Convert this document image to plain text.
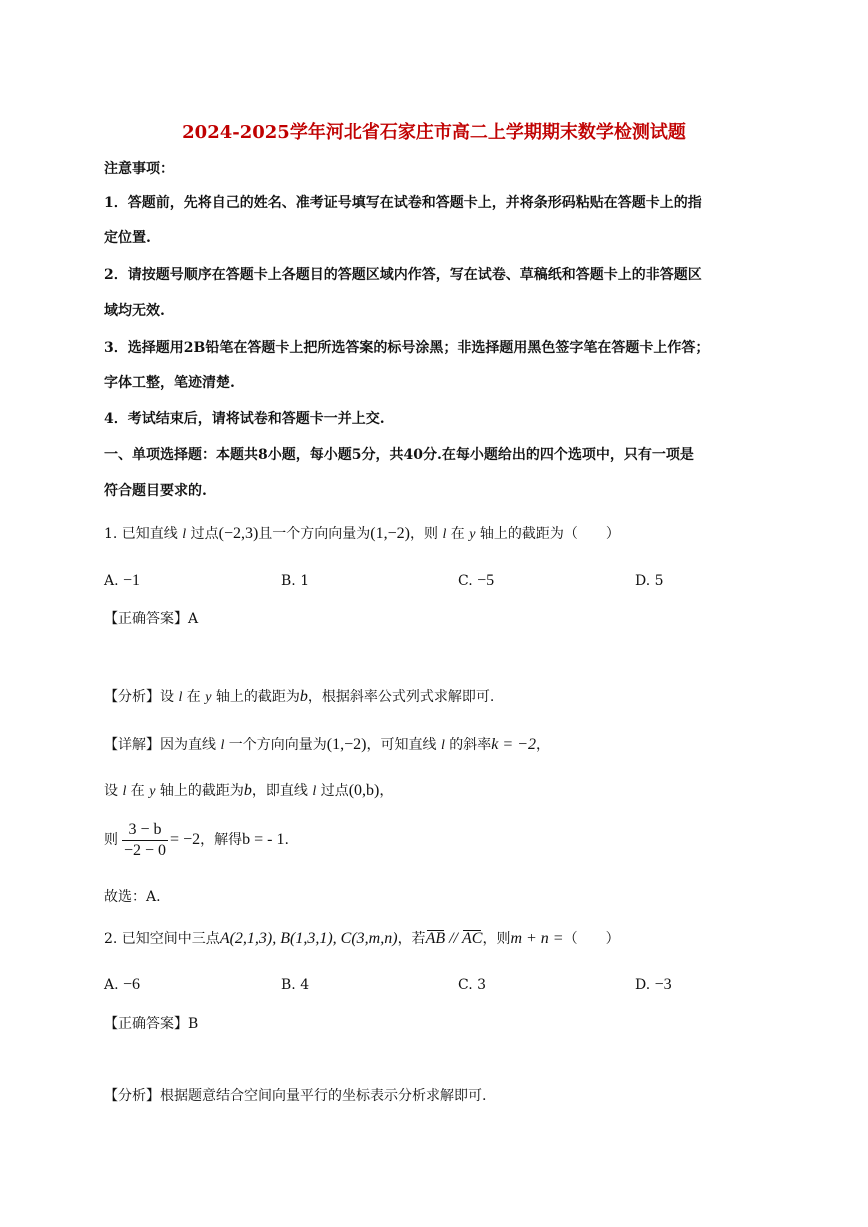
2024-2025学年河北省石家庄市高二上学期期末数学检测试题
注意事项：
1．答题前，先将自己的姓名、准考证号填写在试卷和答题卡上，并将条形码粘贴在答题卡上的指
定位置.
2．请按题号顺序在答题卡上各题目的答题区域内作答，写在试卷、草稿纸和答题卡上的非答题区
域均无效.
3．选择题用2B铅笔在答题卡上把所选答案的标号涂黑；非选择题用黑色签字笔在答题卡上作答；
字体工整，笔迹清楚.
4．考试结束后，请将试卷和答题卡一并上交.
一、单项选择题：本题共8小题，每小题5分，共40分.在每小题给出的四个选项中，只有一项是
符合题目要求的.
1. 已知直线 l 过点(−2,3)且一个方向向量为(1,−2)，则 l 在 y 轴上的截距为（　　）
A. −1	B. 1	C. −5	D. 5
【正确答案】A
【分析】设 l 在 y 轴上的截距为b，根据斜率公式列式求解即可.
【详解】因为直线 l 一个方向向量为(1,−2)，可知直线 l 的斜率k = −2，
设 l 在 y 轴上的截距为b，即直线 l 过点(0,b)，
则 $\frac{3 - b}{-2 - 0} = -2$，解得b = - 1.
故选：A.
2. 已知空间中三点A(2,1,3), B(1,3,1), C(3,m,n)，若AB // AC，则m + n =（　　）
A. −6	B. 4	C. 3	D. −3
【正确答案】B
【分析】根据题意结合空间向量平行的坐标表示分析求解即可.
